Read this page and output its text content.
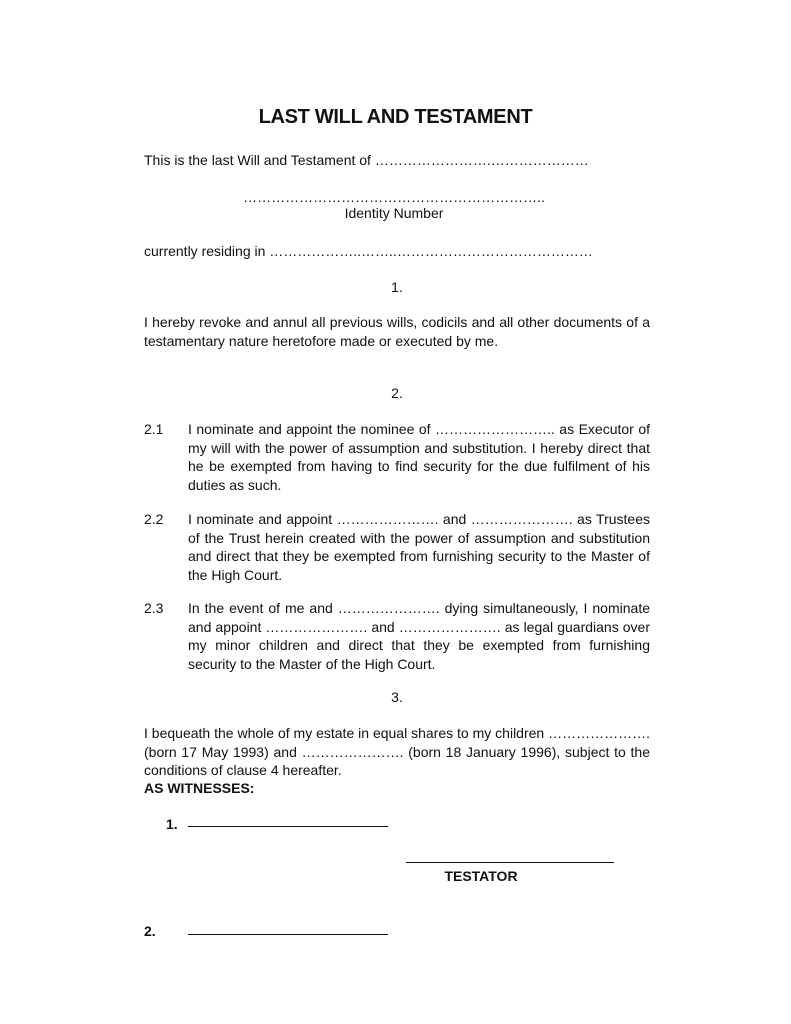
LAST WILL AND TESTAMENT
This is the last Will and Testament of …………………….…………………
………………………………………………………..
Identity Number
currently residing in ………………..……..……………………………………
1.
I hereby revoke and annul all previous wills, codicils and all other documents of a testamentary nature heretofore made or executed by me.
2.
2.1 I nominate and appoint the nominee of …………………….. as Executor of my will with the power of assumption and substitution. I hereby direct that he be exempted from having to find security for the due fulfilment of his duties as such.
2.2 I nominate and appoint …………………. and …………………. as Trustees of the Trust herein created with the power of assumption and substitution and direct that they be exempted from furnishing security to the Master of the High Court.
2.3 In the event of me and …………………. dying simultaneously, I nominate and appoint …………………. and …………………. as legal guardians over my minor children and direct that they be exempted from furnishing security to the Master of the High Court.
3.
I bequeath the whole of my estate in equal shares to my children …………………. (born 17 May 1993) and …………………. (born 18 January 1996), subject to the conditions of clause 4 hereafter.
AS WITNESSES:
1.
TESTATOR
2.
